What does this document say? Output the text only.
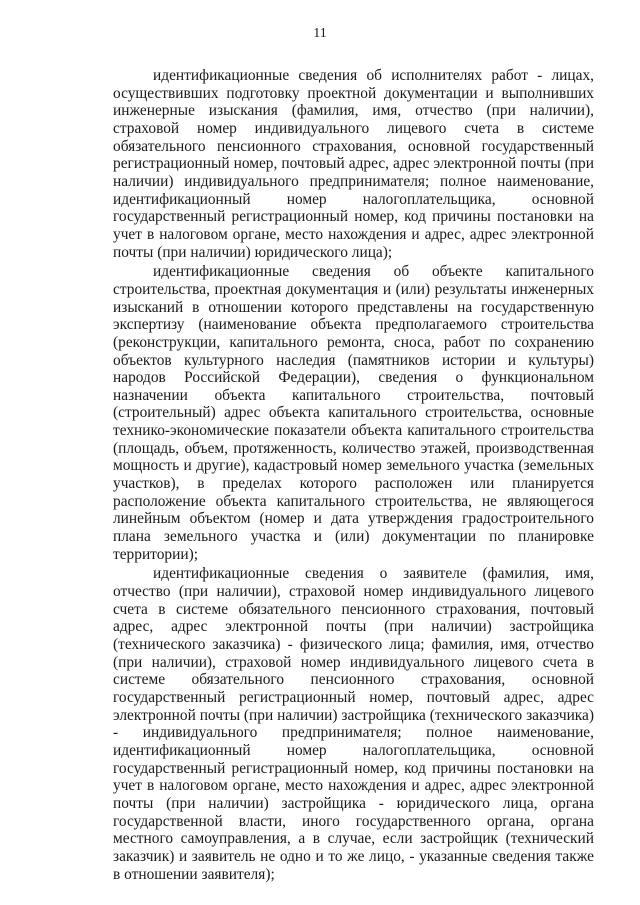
11

идентификационные сведения об исполнителях работ - лицах, осуществивших подготовку проектной документации и выполнивших инженерные изыскания (фамилия, имя, отчество (при наличии), страховой номер индивидуального лицевого счета в системе обязательного пенсионного страхования, основной государственный регистрационный номер, почтовый адрес, адрес электронной почты (при наличии) индивидуального предпринимателя; полное наименование, идентификационный номер налогоплательщика, основной государственный регистрационный номер, код причины постановки на учет в налоговом органе, место нахождения и адрес, адрес электронной почты (при наличии) юридического лица);

идентификационные сведения об объекте капитального строительства, проектная документация и (или) результаты инженерных изысканий в отношении которого представлены на государственную экспертизу (наименование объекта предполагаемого строительства (реконструкции, капитального ремонта, сноса, работ по сохранению объектов культурного наследия (памятников истории и культуры) народов Российской Федерации), сведения о функциональном назначении объекта капитального строительства, почтовый (строительный) адрес объекта капитального строительства, основные технико-экономические показатели объекта капитального строительства (площадь, объем, протяженность, количество этажей, производственная мощность и другие), кадастровый номер земельного участка (земельных участков), в пределах которого расположен или планируется расположение объекта капитального строительства, не являющегося линейным объектом (номер и дата утверждения градостроительного плана земельного участка и (или) документации по планировке территории);

идентификационные сведения о заявителе (фамилия, имя, отчество (при наличии), страховой номер индивидуального лицевого счета в системе обязательного пенсионного страхования, почтовый адрес, адрес электронной почты (при наличии) застройщика (технического заказчика) - физического лица; фамилия, имя, отчество (при наличии), страховой номер индивидуального лицевого счета в системе обязательного пенсионного страхования, основной государственный регистрационный номер, почтовый адрес, адрес электронной почты (при наличии) застройщика (технического заказчика) - индивидуального предпринимателя; полное наименование, идентификационный номер налогоплательщика, основной государственный регистрационный номер, код причины постановки на учет в налоговом органе, место нахождения и адрес, адрес электронной почты (при наличии) застройщика - юридического лица, органа государственной власти, иного государственного органа, органа местного самоуправления, а в случае, если застройщик (технический заказчик) и заявитель не одно и то же лицо, - указанные сведения также в отношении заявителя);
